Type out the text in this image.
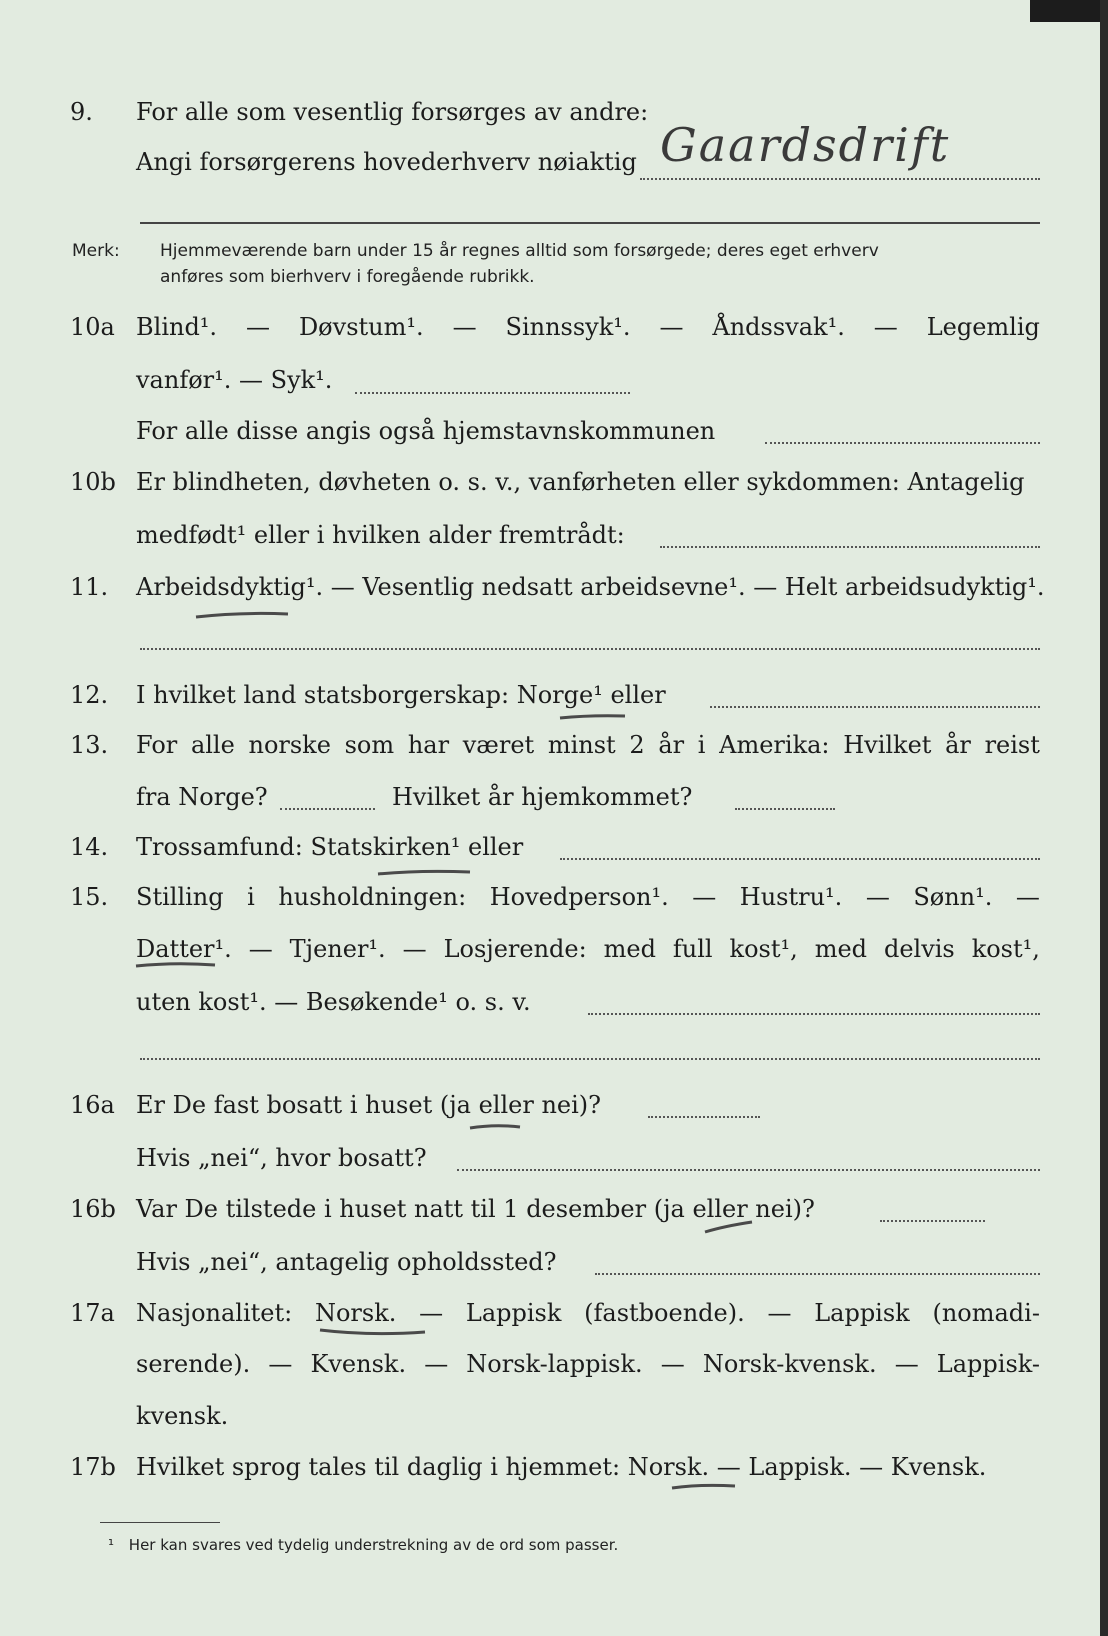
9.	For alle som vesentlig forsørges av andre:
Angi forsørgerens hovederhverv nøiaktig Gaardsdrift
Merk: Hjemmeværende barn under 15 år regnes alltid som forsørgede; deres eget erhverv
anføres som bierhverv i foregående rubrikk.
10a Blind¹. — Døvstum¹. — Sinnssyk¹. — Åndssvak¹. — Legemlig
vanfør¹. — Syk¹.
For alle disse angis også hjemstavnskommunen
10b Er blindheten, døvheten o. s. v., vanførheten eller sykdommen: Antagelig
medfødt¹ eller i hvilken alder fremtrådt:
11.	Arbeidsdyktig¹. — Vesentlig nedsatt arbeidsevne¹. — Helt arbeidsudyktig¹.
12.	I hvilket land statsborgerskap: Norge¹ eller
13.	For alle norske som har været minst 2 år i Amerika: Hvilket år reist
fra Norge?	Hvilket år hjemkommet?
14.	Trossamfund: Statskirken¹ eller
15.	Stilling i husholdningen: Hovedperson¹. — Hustru¹. — Sønn¹. —
Datter¹. — Tjener¹. — Losjerende: med full kost¹, med delvis kost¹,
uten kost¹. — Besøkende¹ o. s. v.
16a Er De fast bosatt i huset (ja eller nei)?
Hvis „nei“, hvor bosatt?
16b Var De tilstede i huset natt til 1 desember (ja eller nei)?
Hvis „nei“, antagelig opholdssted?
17a Nasjonalitet: Norsk. — Lappisk (fastboende). — Lappisk (nomadi-
serende). — Kvensk. — Norsk-lappisk. — Norsk-kvensk. — Lappisk-
kvensk.
17b Hvilket sprog tales til daglig i hjemmet: Norsk. — Lappisk. — Kvensk.
¹ Her kan svares ved tydelig understrekning av de ord som passer.
